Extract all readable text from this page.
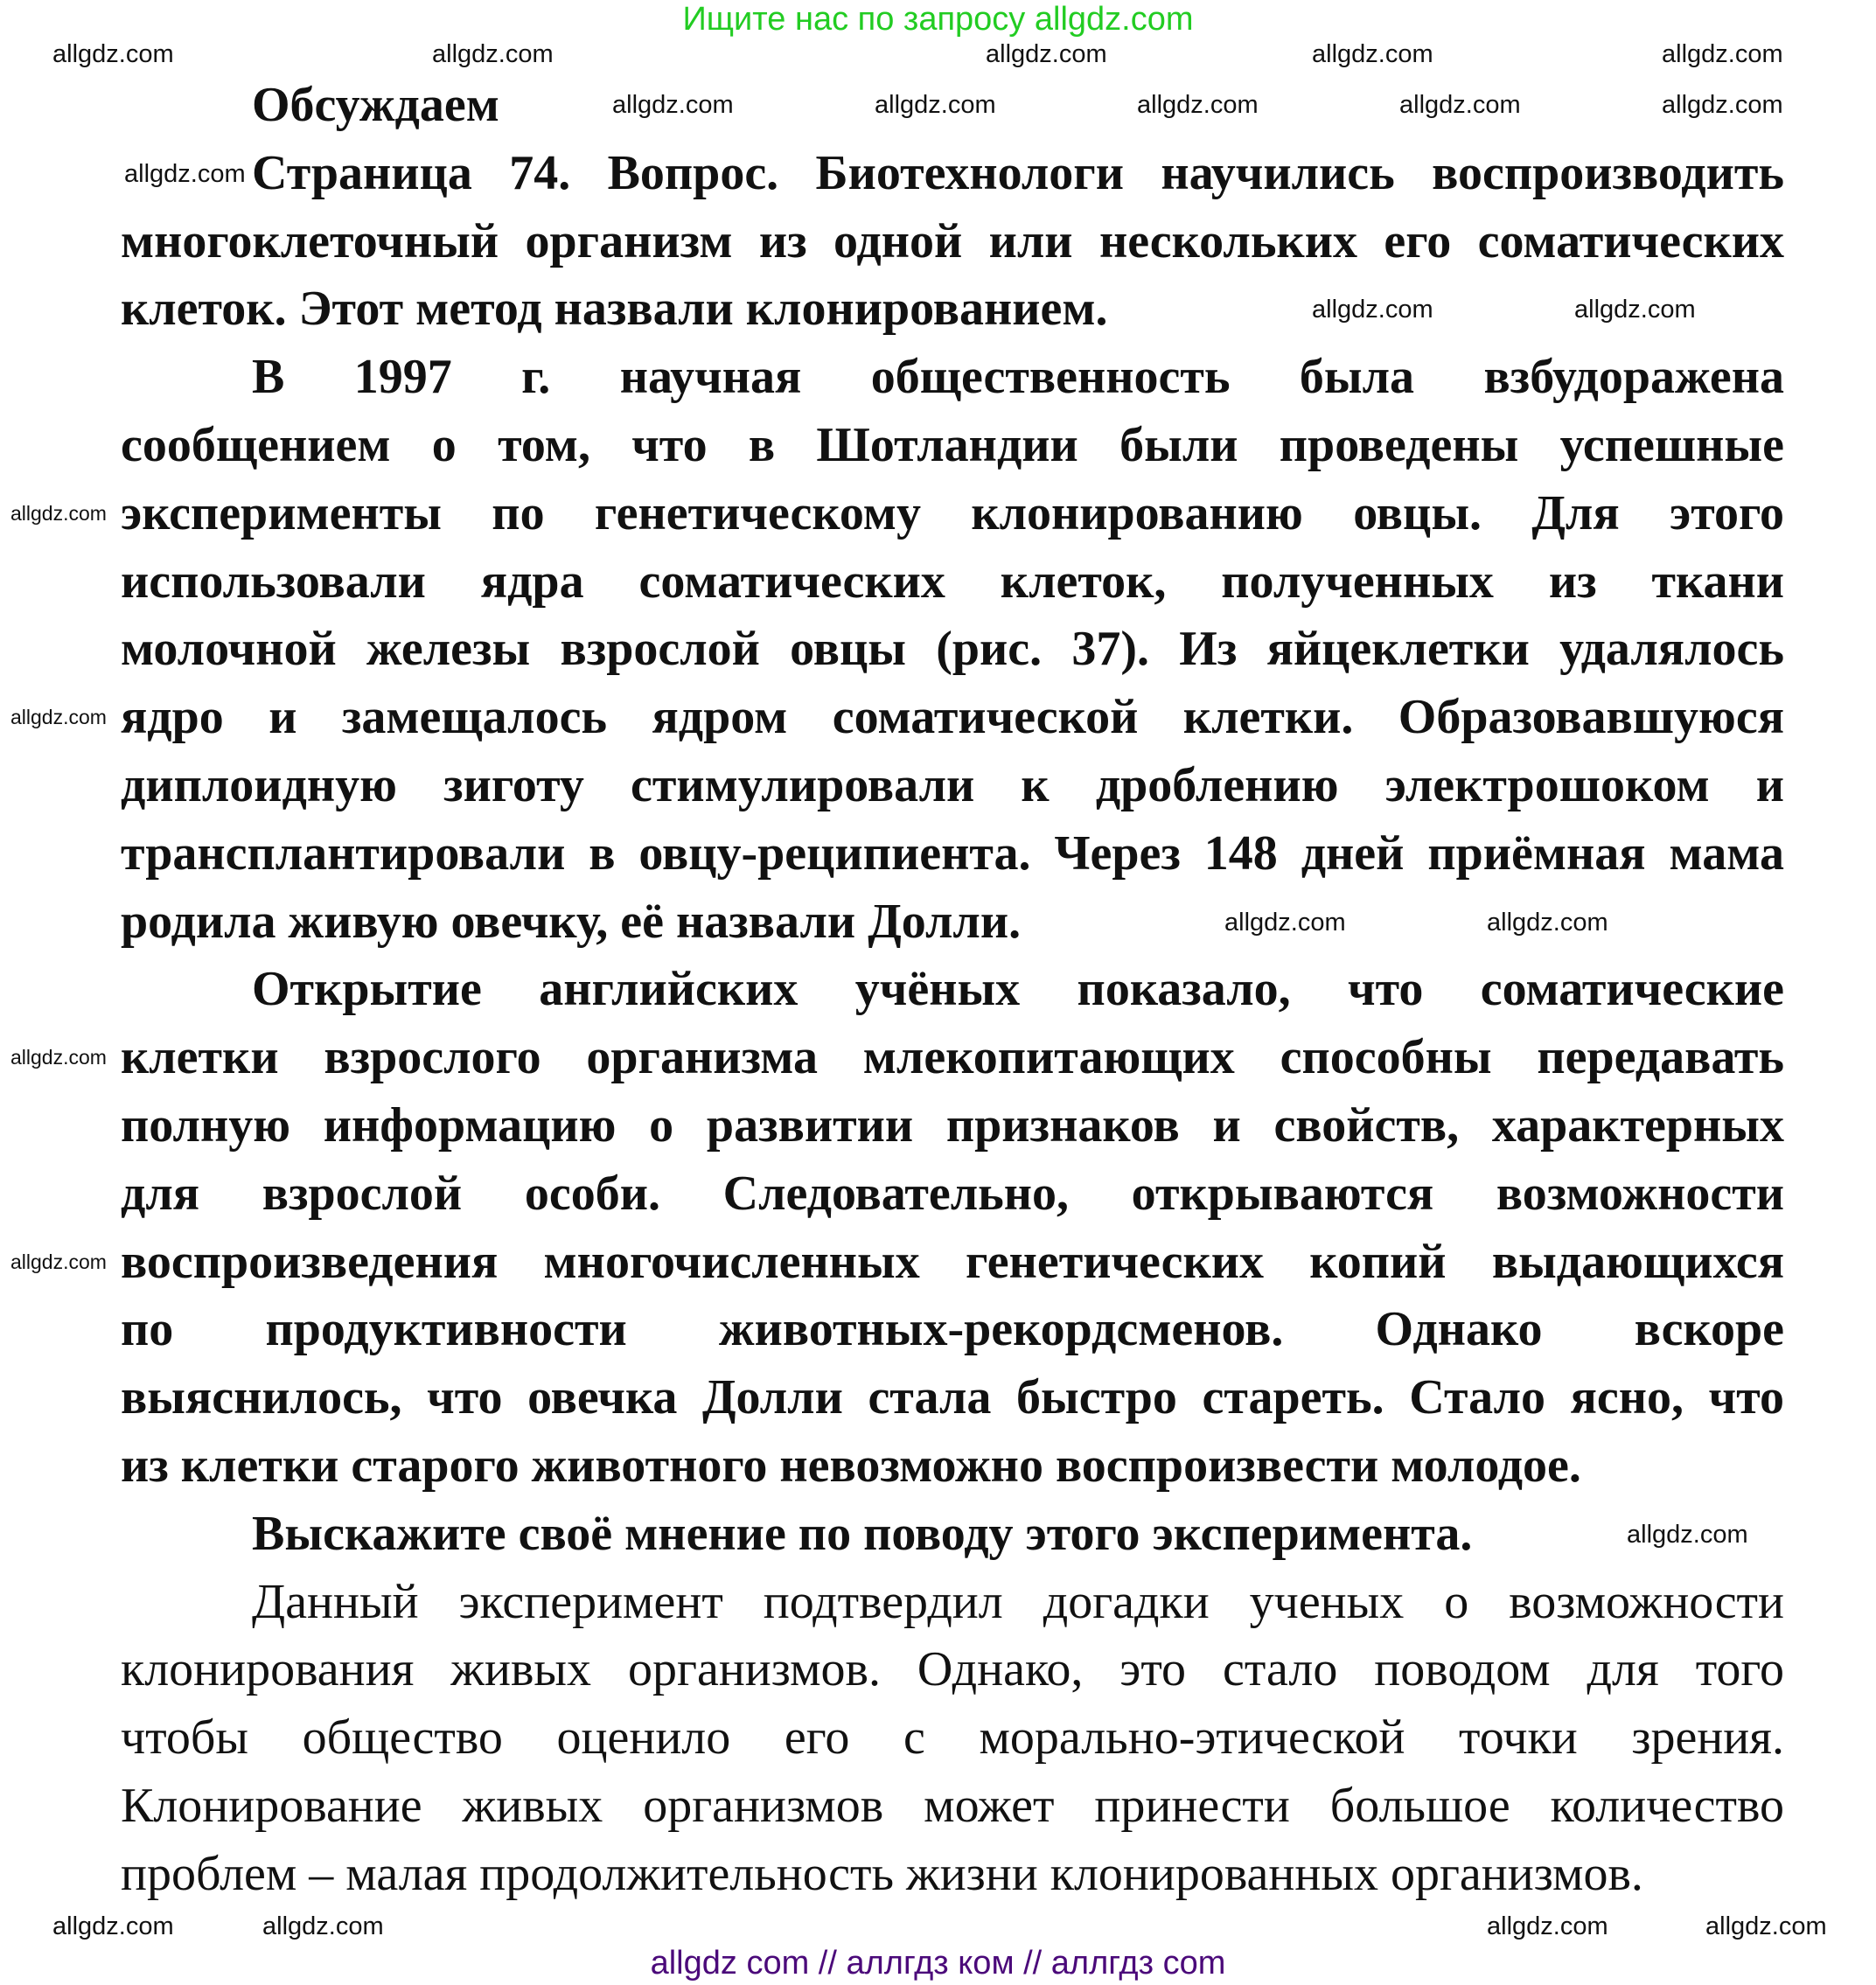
Ищите нас по запросу allgdz.com
Обсуждаем
Страница 74. Вопрос. Биотехнологи научились воспроизводить
многоклеточный организм из одной или нескольких его соматических
клеток. Этот метод назвали клонированием.
В 1997 г. научная общественность была взбудоражена
сообщением о том, что в Шотландии были проведены успешные
эксперименты по генетическому клонированию овцы. Для этого
использовали ядра соматических клеток, полученных из ткани
молочной железы взрослой овцы (рис. 37). Из яйцеклетки удалялось
ядро и замещалось ядром соматической клетки. Образовавшуюся
диплоидную зиготу стимулировали к дроблению электрошоком и
трансплантировали в овцу-реципиента. Через 148 дней приёмная мама
родила живую овечку, её назвали Долли.
Открытие английских учёных показало, что соматические
клетки взрослого организма млекопитающих способны передавать
полную информацию о развитии признаков и свойств, характерных
для взрослой особи. Следовательно, открываются возможности
воспроизведения многочисленных генетических копий выдающихся
по продуктивности животных-рекордсменов. Однако вскоре
выяснилось, что овечка Долли стала быстро стареть. Стало ясно, что
из клетки старого животного невозможно воспроизвести молодое.
Выскажите своё мнение по поводу этого эксперимента.
Данный эксперимент подтвердил догадки ученых о возможности
клонирования живых организмов. Однако, это стало поводом для того
чтобы общество оценило его с морально-этической точки зрения.
Клонирование живых организмов может принести большое количество
проблем – малая продолжительность жизни клонированных организмов.
allgdz.com	allgdz.com	allgdz.com	allgdz.com	allgdz.com
allgdz.com	allgdz.com	allgdz.com	allgdz.com	allgdz.com
allgdz.com
allgdz.com	allgdz.com
allgdz.com	allgdz.com
allgdz.com
allgdz.com
allgdz.com
allgdz.com
allgdz.com
allgdz.com	allgdz.com	allgdz.com	allgdz.com
allgdz com // аллгдз ком // аллгдз com
